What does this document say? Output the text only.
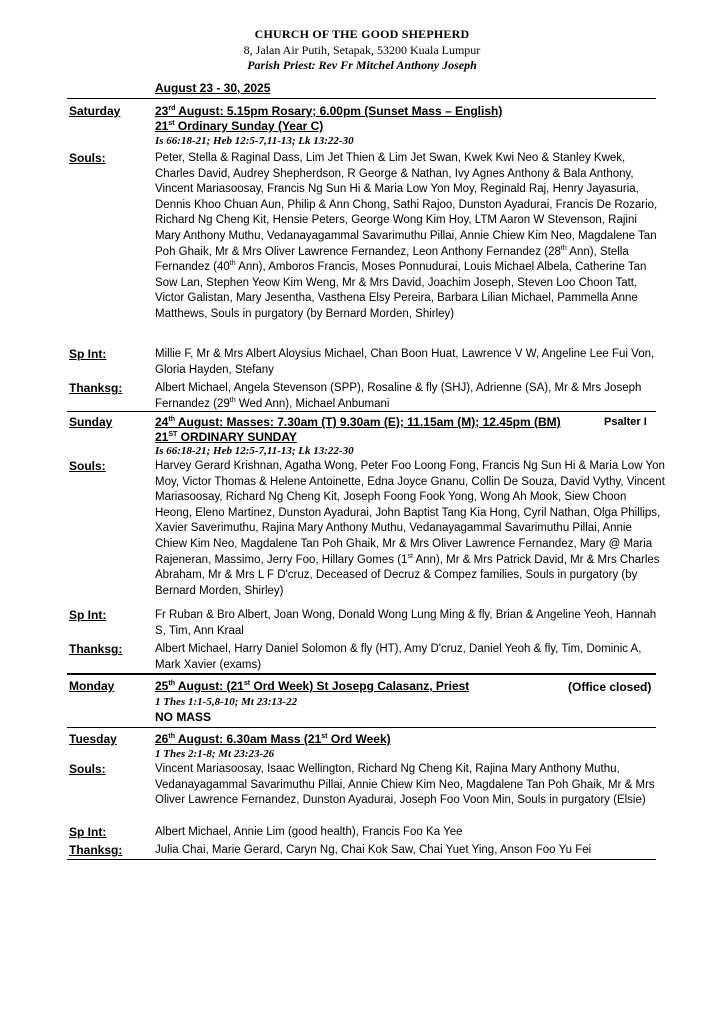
CHURCH OF THE GOOD SHEPHERD
8, Jalan Air Putih, Setapak, 53200 Kuala Lumpur
Parish Priest: Rev Fr Mitchel Anthony Joseph
August 23 - 30, 2025
Saturday	23rd August: 5.15pm Rosary; 6.00pm (Sunset Mass – English)
21st Ordinary Sunday (Year C)
Is 66:18-21; Heb 12:5-7,11-13; Lk 13:22-30
Souls:	Peter, Stella & Raginal Dass, Lim Jet Thien & Lim Jet Swan, Kwek Kwi Neo & Stanley Kwek, Charles David, Audrey Shepherdson, R George & Nathan, Ivy Agnes Anthony & Bala Anthony, Vincent Mariasoosay, Francis Ng Sun Hi & Maria Low Yon Moy, Reginald Raj, Henry Jayasuria, Dennis Khoo Chuan Aun, Philip & Ann Chong, Sathi Rajoo, Dunston Ayadurai, Francis De Rozario, Richard Ng Cheng Kit, Hensie Peters, George Wong Kim Hoy, LTM Aaron W Stevenson, Rajini Mary Anthony Muthu, Vedanayagammal Savarimuthu Pillai, Annie Chiew Kim Neo, Magdalene Tan Poh Ghaik, Mr & Mrs Oliver Lawrence Fernandez, Leon Anthony Fernandez (28th Ann), Stella Fernandez (40th Ann), Amboros Francis, Moses Ponnudurai, Louis Michael Albela, Catherine Tan Sow Lan, Stephen Yeow Kim Weng, Mr & Mrs David, Joachim Joseph, Steven Loo Choon Tatt, Victor Galistan, Mary Jesentha, Vasthena Elsy Pereira, Barbara Lilian Michael, Pammella Anne Matthews, Souls in purgatory (by Bernard Morden, Shirley)
Sp Int:	Millie F, Mr & Mrs Albert Aloysius Michael, Chan Boon Huat, Lawrence V W, Angeline Lee Fui Von, Gloria Hayden, Stefany
Thanksg:	Albert Michael, Angela Stevenson (SPP), Rosaline & fly (SHJ), Adrienne (SA), Mr & Mrs Joseph Fernandez (29th Wed Ann), Michael Anbumani
Sunday	24th August: Masses: 7.30am (T) 9.30am (E); 11.15am (M); 12.45pm (BM)	Psalter I
21ST ORDINARY SUNDAY
Is 66:18-21; Heb 12:5-7,11-13; Lk 13:22-30
Souls:	Harvey Gerard Krishnan, Agatha Wong, Peter Foo Loong Fong, Francis Ng Sun Hi & Maria Low Yon Moy, Victor Thomas & Helene Antoinette, Edna Joyce Gnanu, Collin De Souza, David Vythy, Vincent Mariasoosay, Richard Ng Cheng Kit, Joseph Foong Fook Yong, Wong Ah Mook, Siew Choon Heong, Eleno Martinez, Dunston Ayadurai, John Baptist Tang Kia Hong, Cyril Nathan, Olga Phillips, Xavier Saverimuthu, Rajina Mary Anthony Muthu, Vedanayagammal Savarimuthu Pillai, Annie Chiew Kim Neo, Magdalene Tan Poh Ghaik, Mr & Mrs Oliver Lawrence Fernandez, Mary @ Maria Rajeneran, Massimo, Jerry Foo, Hillary Gomes (1st Ann), Mr & Mrs Patrick David, Mr & Mrs Charles Abraham, Mr & Mrs L F D'cruz, Deceased of Decruz & Compez families, Souls in purgatory (by Bernard Morden, Shirley)
Sp Int:	Fr Ruban & Bro Albert, Joan Wong, Donald Wong Lung Ming & fly, Brian & Angeline Yeoh, Hannah S, Tim, Ann Kraal
Thanksg:	Albert Michael, Harry Daniel Solomon & fly (HT), Amy D'cruz, Daniel Yeoh & fly, Tim, Dominic A, Mark Xavier (exams)
Monday	25th August: (21st Ord Week) St Josepg Calasanz, Priest	(Office closed)
1 Thes 1:1-5,8-10; Mt 23:13-22
NO MASS
Tuesday	26th August: 6.30am Mass (21st Ord Week)
1 Thes 2:1-8; Mt 23:23-26
Souls:	Vincent Mariasoosay, Isaac Wellington, Richard Ng Cheng Kit, Rajina Mary Anthony Muthu, Vedanayagammal Savarimuthu Pillai, Annie Chiew Kim Neo, Magdalene Tan Poh Ghaik, Mr & Mrs Oliver Lawrence Fernandez, Dunston Ayadurai, Joseph Foo Voon Min, Souls in purgatory (Elsie)
Sp Int:	Albert Michael, Annie Lim (good health), Francis Foo Ka Yee
Thanksg:	Julia Chai, Marie Gerard, Caryn Ng, Chai Kok Saw, Chai Yuet Ying, Anson Foo Yu Fei
